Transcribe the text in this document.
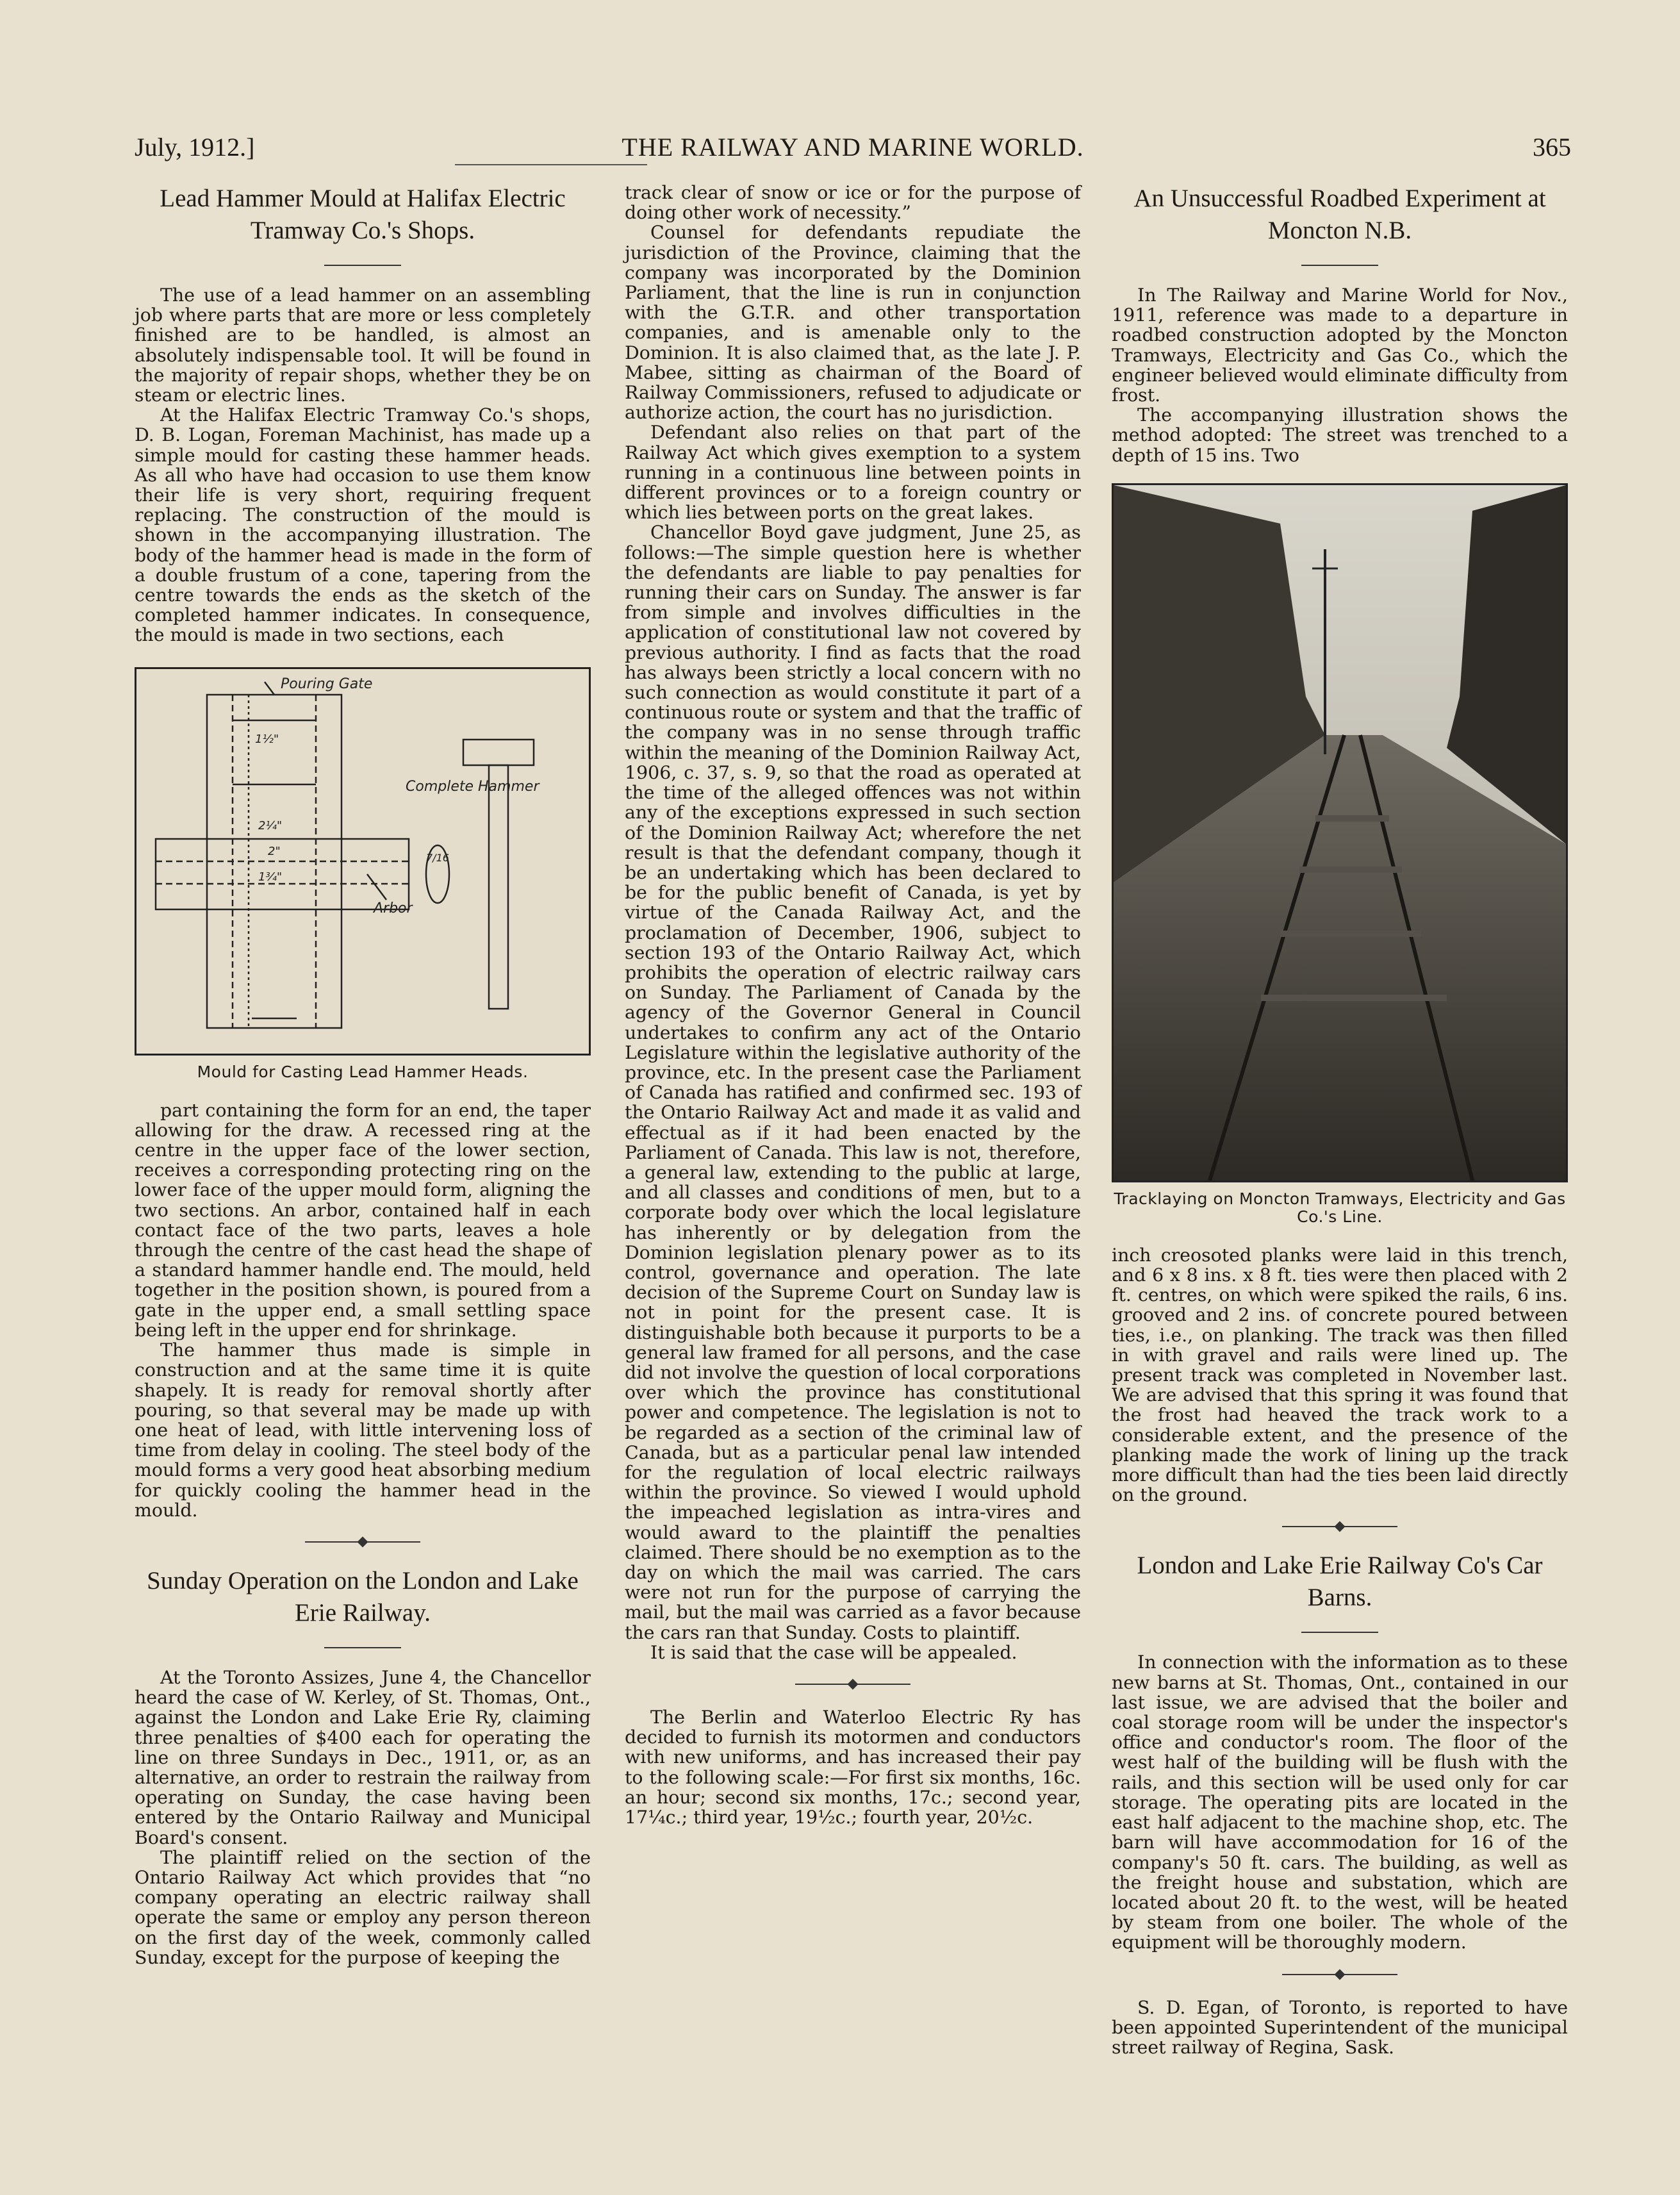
July, 1912.]	THE RAILWAY AND MARINE WORLD.	365
Lead Hammer Mould at Halifax Electric Tramway Co.'s Shops.

The use of a lead hammer on an assembling job where parts that are more or less completely finished are to be handled, is almost an absolutely indispensable tool. It will be found in the majority of repair shops, whether they be on steam or electric lines.

At the Halifax Electric Tramway Co.'s shops, D. B. Logan, Foreman Machinist, has made up a simple mould for casting these hammer heads. As all who have had occasion to use them know their life is very short, requiring frequent replacing. The construction of the mould is shown in the accompanying illustration. The body of the hammer head is made in the form of a double frustum of a cone, tapering from the centre towards the ends as the sketch of the completed hammer indicates. In consequence, the mould is made in two sections, each

Pouring Gate
Complete Hammer
Arbor
1½"
2¼"
2"
1¾"
7/16
Mould for Casting Lead Hammer Heads.

part containing the form for an end, the taper allowing for the draw. A recessed ring at the centre in the upper face of the lower section, receives a corresponding protecting ring on the lower face of the upper mould form, aligning the two sections. An arbor, contained half in each contact face of the two parts, leaves a hole through the centre of the cast head the shape of a standard hammer handle end. The mould, held together in the position shown, is poured from a gate in the upper end, a small settling space being left in the upper end for shrinkage.

The hammer thus made is simple in construction and at the same time it is quite shapely. It is ready for removal shortly after pouring, so that several may be made up with one heat of lead, with little intervening loss of time from delay in cooling. The steel body of the mould forms a very good heat absorbing medium for quickly cooling the hammer head in the mould.

Sunday Operation on the London and Lake Erie Railway.

At the Toronto Assizes, June 4, the Chancellor heard the case of W. Kerley, of St. Thomas, Ont., against the London and Lake Erie Ry, claiming three penalties of $400 each for operating the line on three Sundays in Dec., 1911, or, as an alternative, an order to restrain the railway from operating on Sunday, the case having been entered by the Ontario Railway and Municipal Board's consent.

The plaintiff relied on the section of the Ontario Railway Act which provides that “no company operating an electric railway shall operate the same or employ any person thereon on the first day of the week, commonly called Sunday, except for the purpose of keeping the

track clear of snow or ice or for the purpose of doing other work of necessity.”

Counsel for defendants repudiate the jurisdiction of the Province, claiming that the company was incorporated by the Dominion Parliament, that the line is run in conjunction with the G.T.R. and other transportation companies, and is amenable only to the Dominion. It is also claimed that, as the late J. P. Mabee, sitting as chairman of the Board of Railway Commissioners, refused to adjudicate or authorize action, the court has no jurisdiction.

Defendant also relies on that part of the Railway Act which gives exemption to a system running in a continuous line between points in different provinces or to a foreign country or which lies between ports on the great lakes.

Chancellor Boyd gave judgment, June 25, as follows:—The simple question here is whether the defendants are liable to pay penalties for running their cars on Sunday. The answer is far from simple and involves difficulties in the application of constitutional law not covered by previous authority. I find as facts that the road has always been strictly a local concern with no such connection as would constitute it part of a continuous route or system and that the traffic of the company was in no sense through traffic within the meaning of the Dominion Railway Act, 1906, c. 37, s. 9, so that the road as operated at the time of the alleged offences was not within any of the exceptions expressed in such section of the Dominion Railway Act; wherefore the net result is that the defendant company, though it be an undertaking which has been declared to be for the public benefit of Canada, is yet by virtue of the Canada Railway Act, and the proclamation of December, 1906, subject to section 193 of the Ontario Railway Act, which prohibits the operation of electric railway cars on Sunday. The Parliament of Canada by the agency of the Governor General in Council undertakes to confirm any act of the Ontario Legislature within the legislative authority of the province, etc. In the present case the Parliament of Canada has ratified and confirmed sec. 193 of the Ontario Railway Act and made it as valid and effectual as if it had been enacted by the Parliament of Canada. This law is not, therefore, a general law, extending to the public at large, and all classes and conditions of men, but to a corporate body over which the local legislature has inherently or by delegation from the Dominion legislation plenary power as to its control, governance and operation. The late decision of the Supreme Court on Sunday law is not in point for the present case. It is distinguishable both because it purports to be a general law framed for all persons, and the case did not involve the question of local corporations over which the province has constitutional power and competence. The legislation is not to be regarded as a section of the criminal law of Canada, but as a particular penal law intended for the regulation of local electric railways within the province. So viewed I would uphold the impeached legislation as intra-vires and would award to the plaintiff the penalties claimed. There should be no exemption as to the day on which the mail was carried. The cars were not run for the purpose of carrying the mail, but the mail was carried as a favor because the cars ran that Sunday. Costs to plaintiff.

It is said that the case will be appealed.

The Berlin and Waterloo Electric Ry has decided to furnish its motormen and conductors with new uniforms, and has increased their pay to the following scale:—For first six months, 16c. an hour; second six months, 17c.; second year, 17¼c.; third year, 19½c.; fourth year, 20½c.

An Unsuccessful Roadbed Experiment at Moncton N.B.

In The Railway and Marine World for Nov., 1911, reference was made to a departure in roadbed construction adopted by the Moncton Tramways, Electricity and Gas Co., which the engineer believed would eliminate difficulty from frost.

The accompanying illustration shows the method adopted: The street was trenched to a depth of 15 ins. Two

Tracklaying on Moncton Tramways, Electricity and Gas Co.'s Line.

inch creosoted planks were laid in this trench, and 6 x 8 ins. x 8 ft. ties were then placed with 2 ft. centres, on which were spiked the rails, 6 ins. grooved and 2 ins. of concrete poured between ties, i.e., on planking. The track was then filled in with gravel and rails were lined up. The present track was completed in November last. We are advised that this spring it was found that the frost had heaved the track work to a considerable extent, and the presence of the planking made the work of lining up the track more difficult than had the ties been laid directly on the ground.

London and Lake Erie Railway Co's Car Barns.

In connection with the information as to these new barns at St. Thomas, Ont., contained in our last issue, we are advised that the boiler and coal storage room will be under the inspector's office and conductor's room. The floor of the west half of the building will be flush with the rails, and this section will be used only for car storage. The operating pits are located in the east half adjacent to the machine shop, etc. The barn will have accommodation for 16 of the company's 50 ft. cars. The building, as well as the freight house and substation, which are located about 20 ft. to the west, will be heated by steam from one boiler. The whole of the equipment will be thoroughly modern.

S. D. Egan, of Toronto, is reported to have been appointed Superintendent of the municipal street railway of Regina, Sask.
